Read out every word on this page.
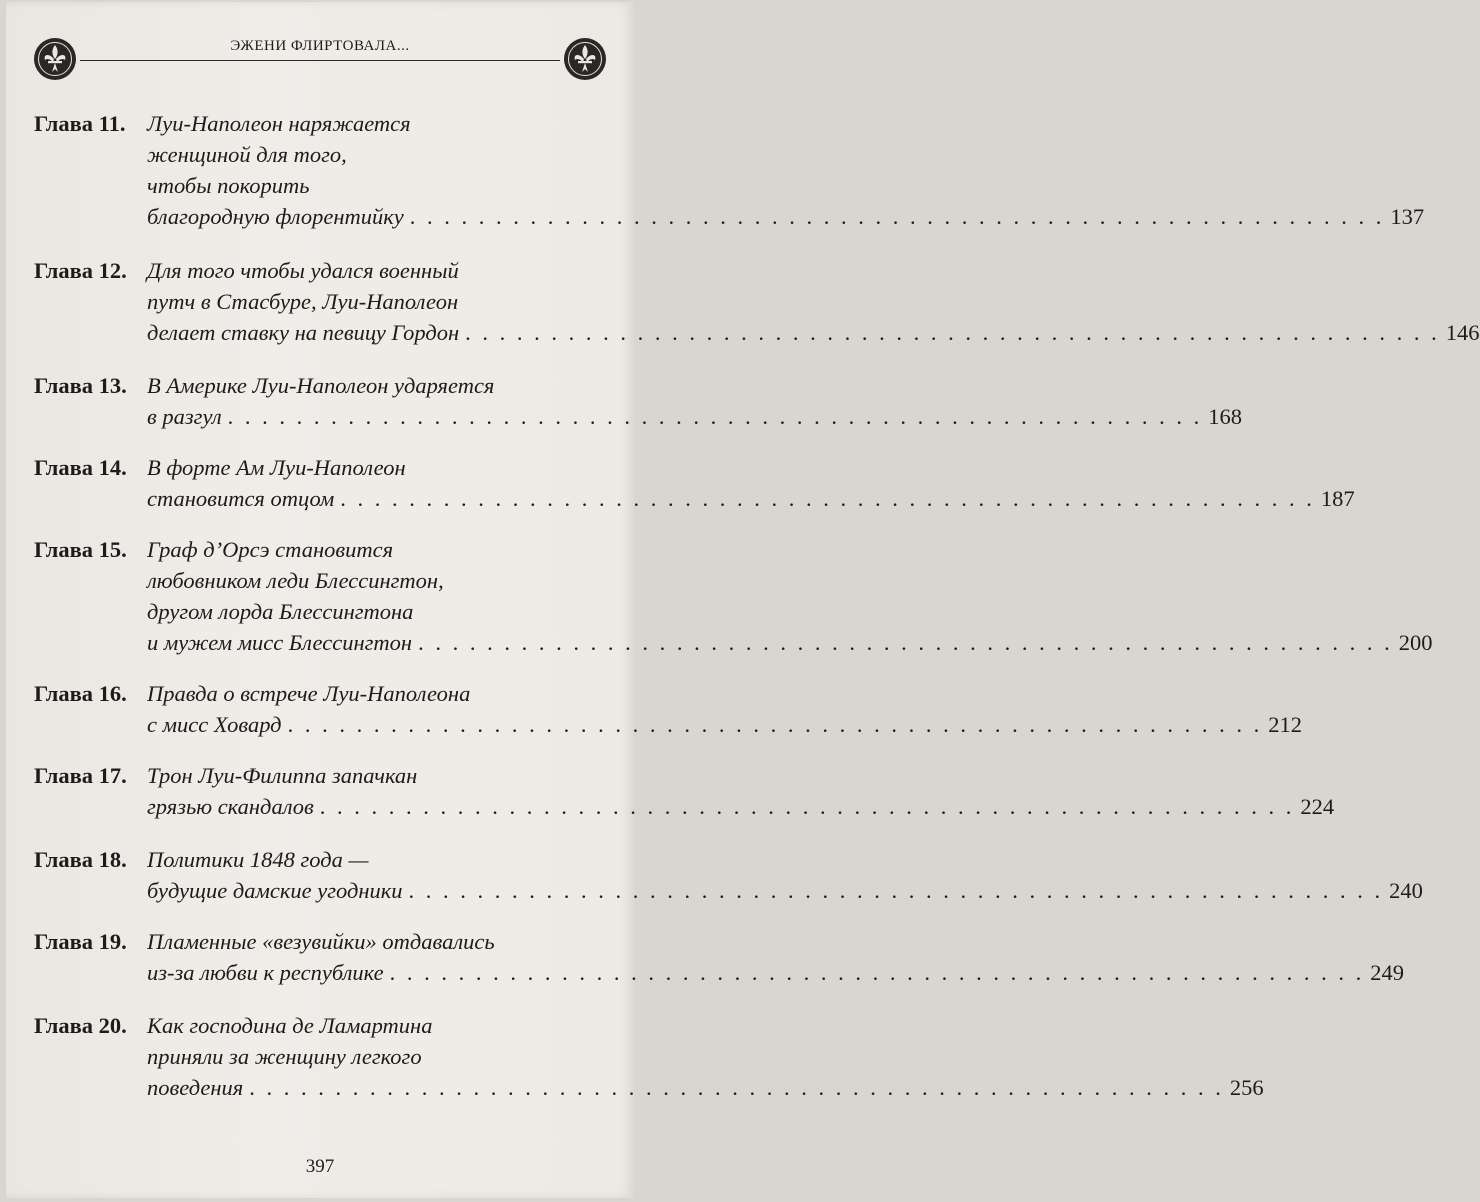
ЭЖЕНИ ФЛИРТОВАЛА...
Глава 11. Луи-Наполеон наряжается
женщиной для того,
чтобы покорить
благородную флорентийку . . .	137
Глава 12. Для того чтобы удался военный
путч в Стасбуре, Луи-Наполеон
делает ставку на певицу Гордон . . .	146
Глава 13. В Америке Луи-Наполеон ударяется
в разгул . . .	168
Глава 14. В форте Ам Луи-Наполеон
становится отцом . . .	187
Глава 15. Граф д’Орсэ становится
любовником леди Блессингтон,
другом лорда Блессингтона
и мужем мисс Блессингтон . . .	200
Глава 16. Правда о встрече Луи-Наполеона
с мисс Ховард . . .	212
Глава 17. Трон Луи-Филиппа запачкан
грязью скандалов . . .	224
Глава 18. Политики 1848 года —
будущие дамские угодники . . .	240
Глава 19. Пламенные «везувийки» отдавались
из-за любви к республике . . .	249
Глава 20. Как господина де Ламартина
приняли за женщину легкого
поведения . . .	256
397
